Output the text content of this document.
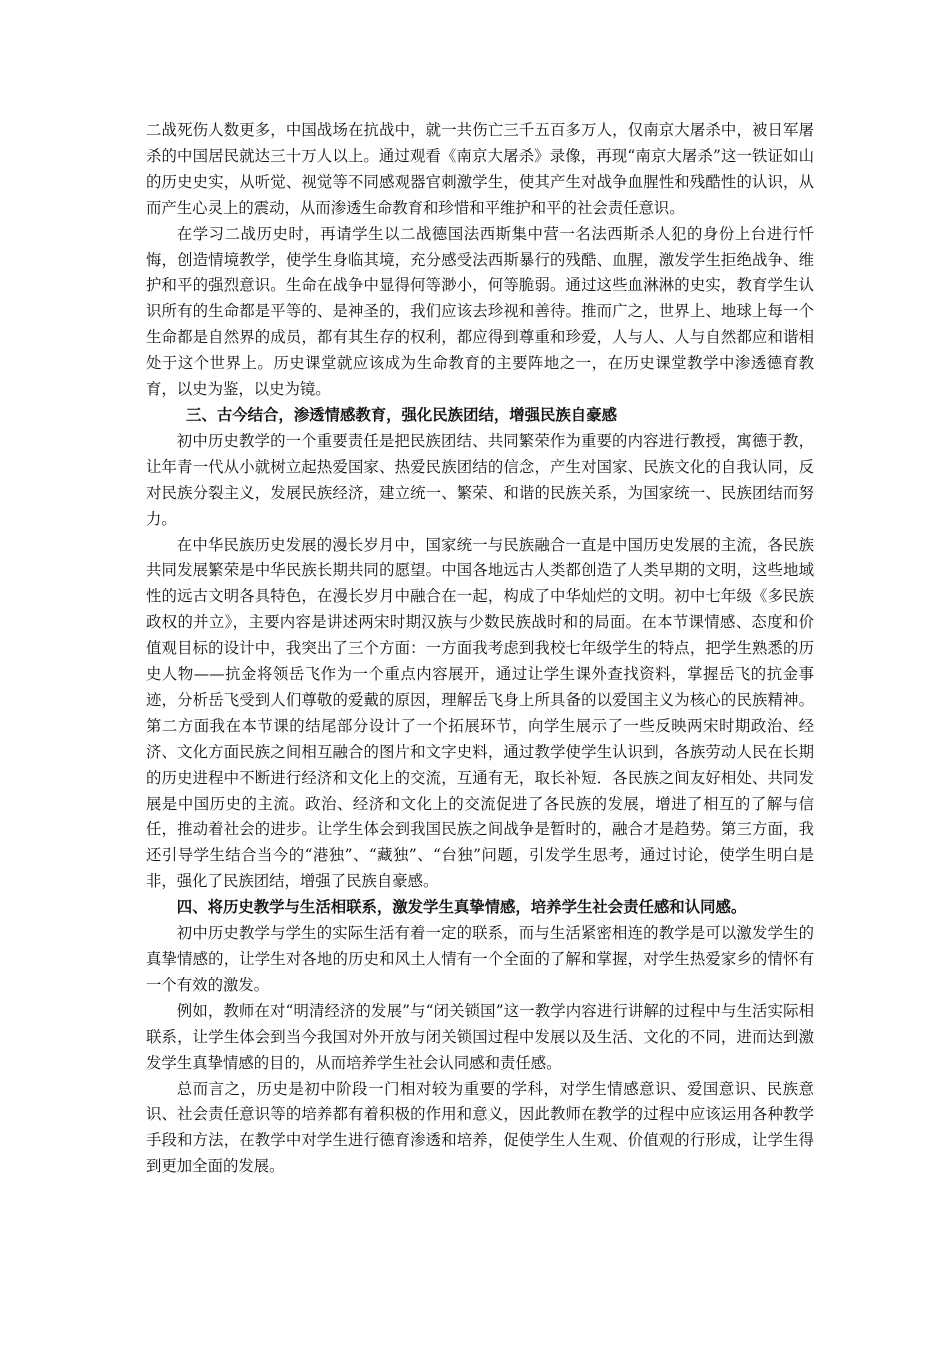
二战死伤人数更多，中国战场在抗战中，就一共伤亡三千五百多万人，仅南京大屠杀中，被日军屠杀的中国居民就达三十万人以上。通过观看《南京大屠杀》录像，再现“南京大屠杀”这一铁证如山的历史史实，从听觉、视觉等不同感观器官刺激学生，使其产生对战争血腥性和残酷性的认识，从而产生心灵上的震动，从而渗透生命教育和珍惜和平维护和平的社会责任意识。

在学习二战历史时，再请学生以二战德国法西斯集中营一名法西斯杀人犯的身份上台进行忏悔，创造情境教学，使学生身临其境，充分感受法西斯暴行的残酷、血腥，激发学生拒绝战争、维护和平的强烈意识。生命在战争中显得何等渺小，何等脆弱。通过这些血淋淋的史实，教育学生认识所有的生命都是平等的、是神圣的，我们应该去珍视和善待。推而广之，世界上、地球上每一个生命都是自然界的成员，都有其生存的权利，都应得到尊重和珍爱，人与人、人与自然都应和谐相处于这个世界上。历史课堂就应该成为生命教育的主要阵地之一，在历史课堂教学中渗透德育教育，以史为鉴，以史为镜。

三、古今结合，渗透情感教育，强化民族团结，增强民族自豪感

初中历史教学的一个重要责任是把民族团结、共同繁荣作为重要的内容进行教授，寓德于教，让年青一代从小就树立起热爱国家、热爱民族团结的信念，产生对国家、民族文化的自我认同，反对民族分裂主义，发展民族经济，建立统一、繁荣、和谐的民族关系，为国家统一、民族团结而努力。

在中华民族历史发展的漫长岁月中，国家统一与民族融合一直是中国历史发展的主流，各民族共同发展繁荣是中华民族长期共同的愿望。中国各地远古人类都创造了人类早期的文明，这些地域性的远古文明各具特色，在漫长岁月中融合在一起，构成了中华灿烂的文明。初中七年级《多民族政权的并立》，主要内容是讲述两宋时期汉族与少数民族战时和的局面。在本节课情感、态度和价值观目标的设计中，我突出了三个方面：一方面我考虑到我校七年级学生的特点，把学生熟悉的历史人物——抗金将领岳飞作为一个重点内容展开，通过让学生课外查找资料，掌握岳飞的抗金事迹，分析岳飞受到人们尊敬的爱戴的原因，理解岳飞身上所具备的以爱国主义为核心的民族精神。第二方面我在本节课的结尾部分设计了一个拓展环节，向学生展示了一些反映两宋时期政治、经济、文化方面民族之间相互融合的图片和文字史料，通过教学使学生认识到，各族劳动人民在长期的历史进程中不断进行经济和文化上的交流，互通有无，取长补短．各民族之间友好相处、共同发展是中国历史的主流。政治、经济和文化上的交流促进了各民族的发展，增进了相互的了解与信任，推动着社会的进步。让学生体会到我国民族之间战争是暂时的，融合才是趋势。第三方面，我还引导学生结合当今的“港独”、“藏独”、“台独”问题，引发学生思考，通过讨论，使学生明白是非，强化了民族团结，增强了民族自豪感。

四、将历史教学与生活相联系，激发学生真挚情感，培养学生社会责任感和认同感。

初中历史教学与学生的实际生活有着一定的联系，而与生活紧密相连的教学是可以激发学生的真挚情感的，让学生对各地的历史和风土人情有一个全面的了解和掌握，对学生热爱家乡的情怀有一个有效的激发。

例如，教师在对“明清经济的发展”与“闭关锁国”这一教学内容进行讲解的过程中与生活实际相联系，让学生体会到当今我国对外开放与闭关锁国过程中发展以及生活、文化的不同，进而达到激发学生真挚情感的目的，从而培养学生社会认同感和责任感。

总而言之，历史是初中阶段一门相对较为重要的学科，对学生情感意识、爱国意识、民族意识、社会责任意识等的培养都有着积极的作用和意义，因此教师在教学的过程中应该运用各种教学手段和方法，在教学中对学生进行德育渗透和培养，促使学生人生观、价值观的行形成，让学生得到更加全面的发展。
